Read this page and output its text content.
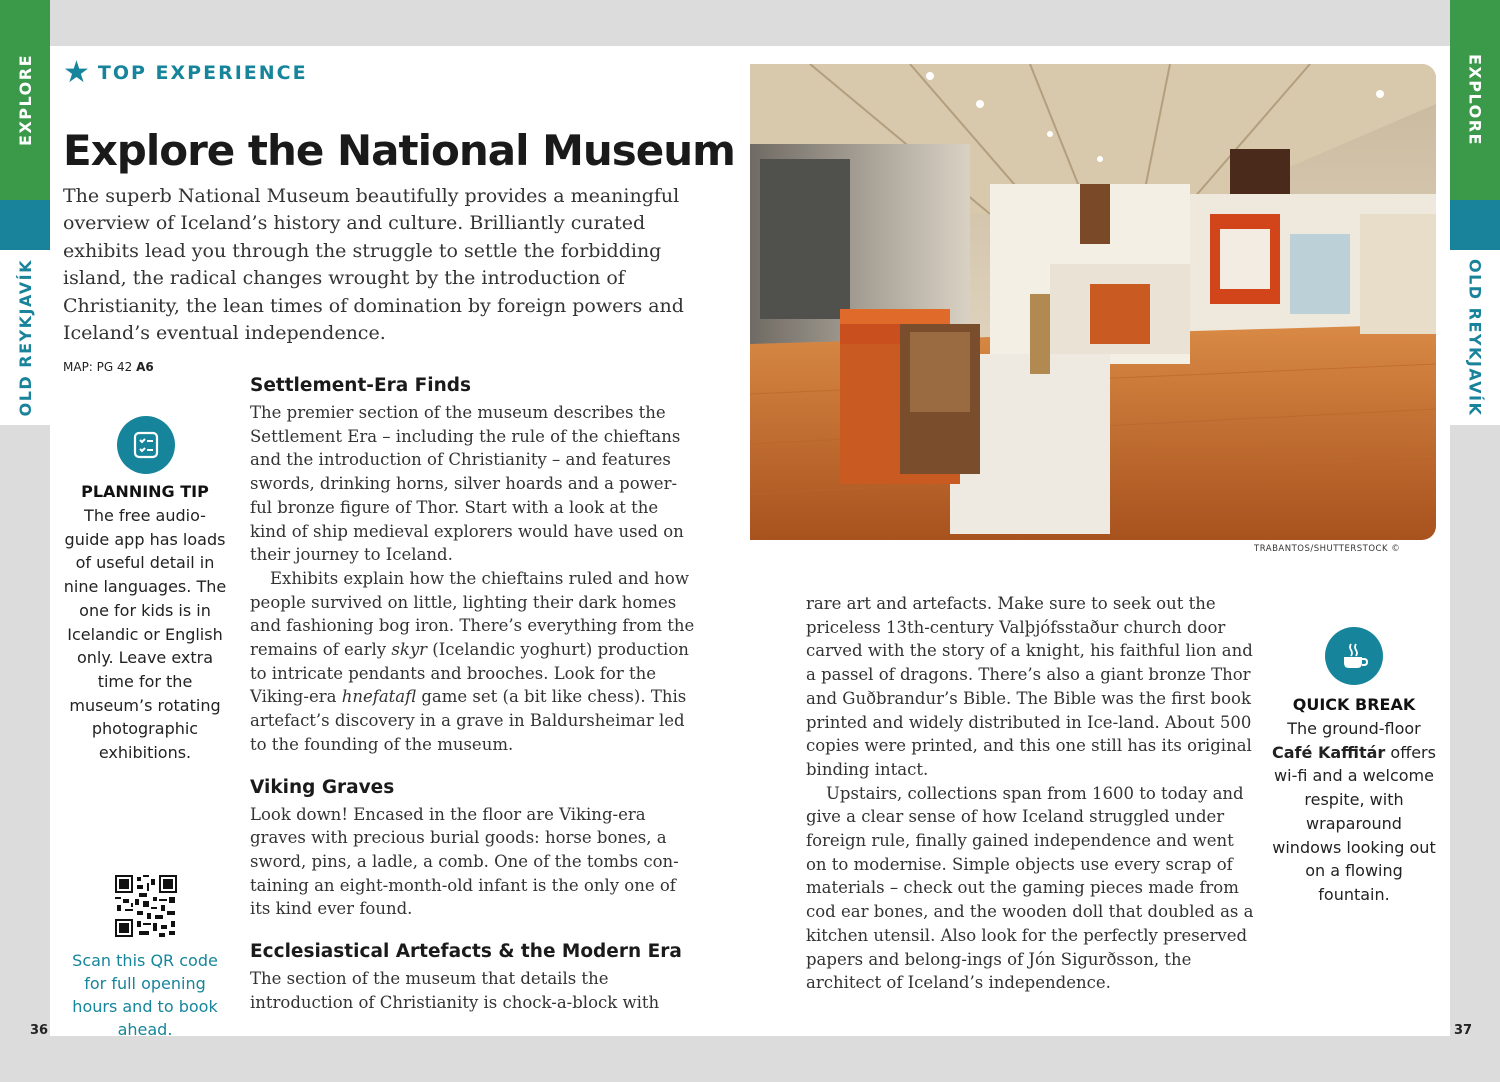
EXPLORE
OLD REYKJAVÍK
EXPLORE
OLD REYKJAVÍK
★ TOP EXPERIENCE
Explore the National Museum

The superb National Museum beautifully provides a meaningful overview of Iceland’s history and culture. Brilliantly curated exhibits lead you through the struggle to settle the forbidding island, the radical changes wrought by the introduction of Christianity, the lean times of domination by foreign powers and Iceland’s eventual independence.

MAP: PG 42 A6
PLANNING TIP

The free audio-guide app has loads of useful detail in nine languages. The one for kids is in Icelandic or English only. Leave extra time for the museum’s rotating photographic exhibitions.

Scan this QR code for full opening hours and to book ahead.

Settlement-Era Finds

The premier section of the museum describes the Settlement Era – including the rule of the chieftans and the introduction of Christianity – and features swords, drinking horns, silver hoards and a power-ful bronze figure of Thor. Start with a look at the kind of ship medieval explorers would have used on their journey to Iceland.

Exhibits explain how the chieftains ruled and how people survived on little, lighting their dark homes and fashioning bog iron. There’s everything from the remains of early skyr (Icelandic yoghurt) production to intricate pendants and brooches. Look for the Viking-era hnefatafl game set (a bit like chess). This artefact’s discovery in a grave in Baldursheimar led to the founding of the museum.

Viking Graves

Look down! Encased in the floor are Viking-era graves with precious burial goods: horse bones, a sword, pins, a ladle, a comb. One of the tombs con-taining an eight-month-old infant is the only one of its kind ever found.

Ecclesiastical Artefacts & the Modern Era

The section of the museum that details the introduction of Christianity is chock-a-block with

TRABANTOS/SHUTTERSTOCK ©

rare art and artefacts. Make sure to seek out the priceless 13th-century Valþjófsstaður church door carved with the story of a knight, his faithful lion and a passel of dragons. There’s also a giant bronze Thor and Guðbrandur’s Bible. The Bible was the first book printed and widely distributed in Ice-land. About 500 copies were printed, and this one still has its original binding intact.

Upstairs, collections span from 1600 to today and give a clear sense of how Iceland struggled under foreign rule, finally gained independence and went on to modernise. Simple objects use every scrap of materials – check out the gaming pieces made from cod ear bones, and the wooden doll that doubled as a kitchen utensil. Also look for the perfectly preserved papers and belong-ings of Jón Sigurðsson, the architect of Iceland’s independence.

QUICK BREAK

The ground-floor Café Kaffitár offers wi-fi and a welcome respite, with wraparound windows looking out on a flowing fountain.

36	37
